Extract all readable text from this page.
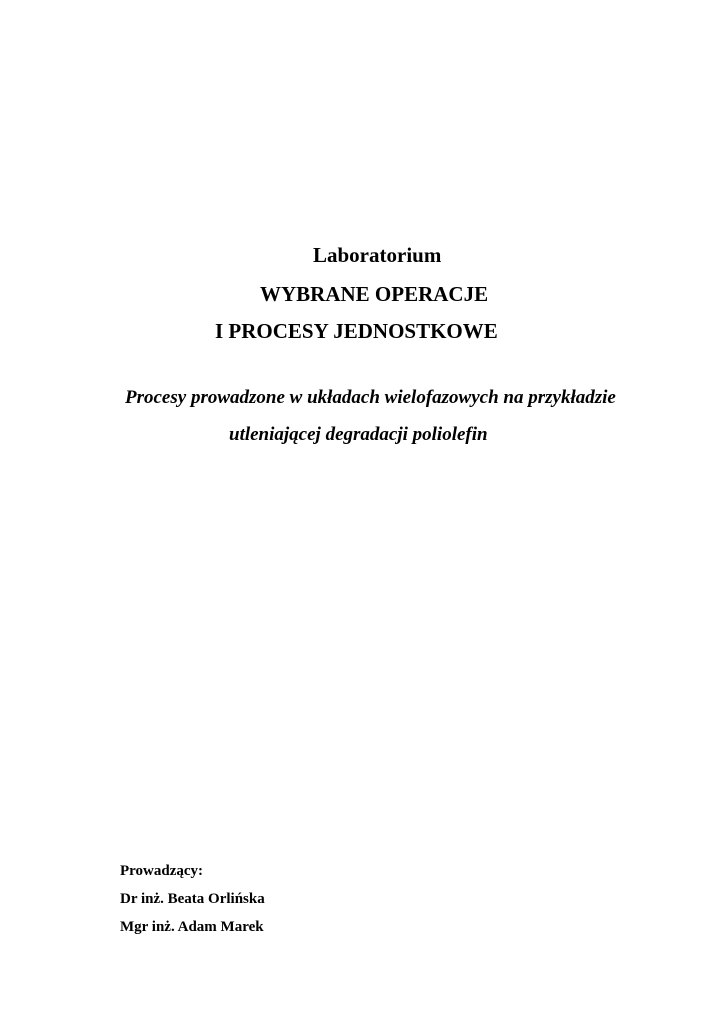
Laboratorium
WYBRANE OPERACJE
I PROCESY JEDNOSTKOWE
Procesy prowadzone w układach wielofazowych na przykładzie
utleniającej degradacji poliolefin
Prowadzący:
Dr inż. Beata Orlińska
Mgr inż. Adam Marek
